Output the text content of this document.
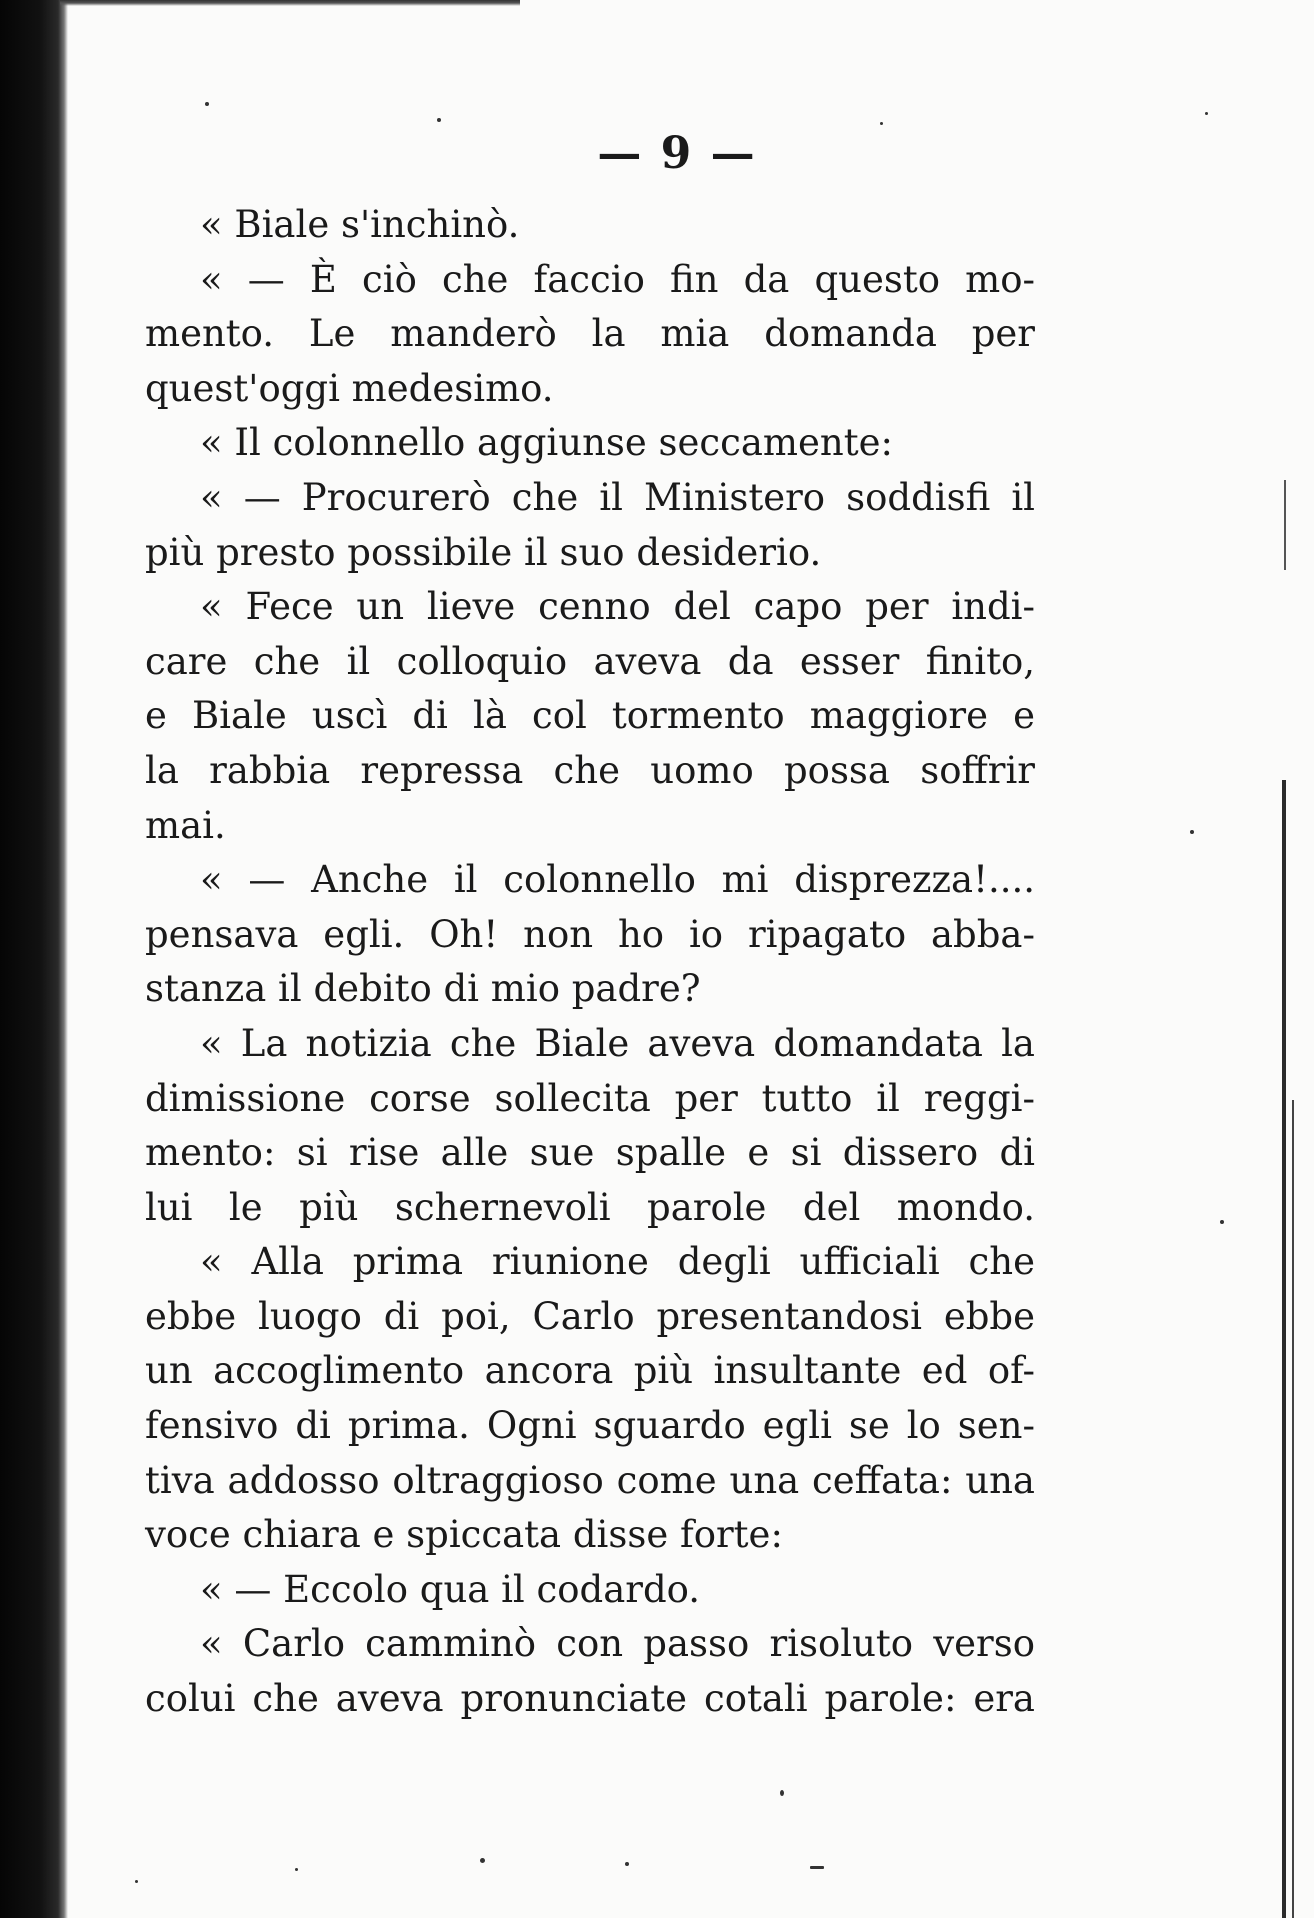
— 9 —
« Biale s'inchinò.
« — È ciò che faccio fin da questo mo-
mento. Le manderò la mia domanda per
quest'oggi medesimo.
« Il colonnello aggiunse seccamente:
« — Procurerò che il Ministero soddisfi il
più presto possibile il suo desiderio.
« Fece un lieve cenno del capo per indi-
care che il colloquio aveva da esser finito,
e Biale uscì di là col tormento maggiore e
la rabbia repressa che uomo possa soffrir
mai.
« — Anche il colonnello mi disprezza!....
pensava egli. Oh! non ho io ripagato abba-
stanza il debito di mio padre?
« La notizia che Biale aveva domandata la
dimissione corse sollecita per tutto il reggi-
mento: si rise alle sue spalle e si dissero di
lui le più schernevoli parole del mondo.
« Alla prima riunione degli ufficiali che
ebbe luogo di poi, Carlo presentandosi ebbe
un accoglimento ancora più insultante ed of-
fensivo di prima. Ogni sguardo egli se lo sen-
tiva addosso oltraggioso come una ceffata: una
voce chiara e spiccata disse forte:
« — Eccolo qua il codardo.
« Carlo camminò con passo risoluto verso
colui che aveva pronunciate cotali parole: era
